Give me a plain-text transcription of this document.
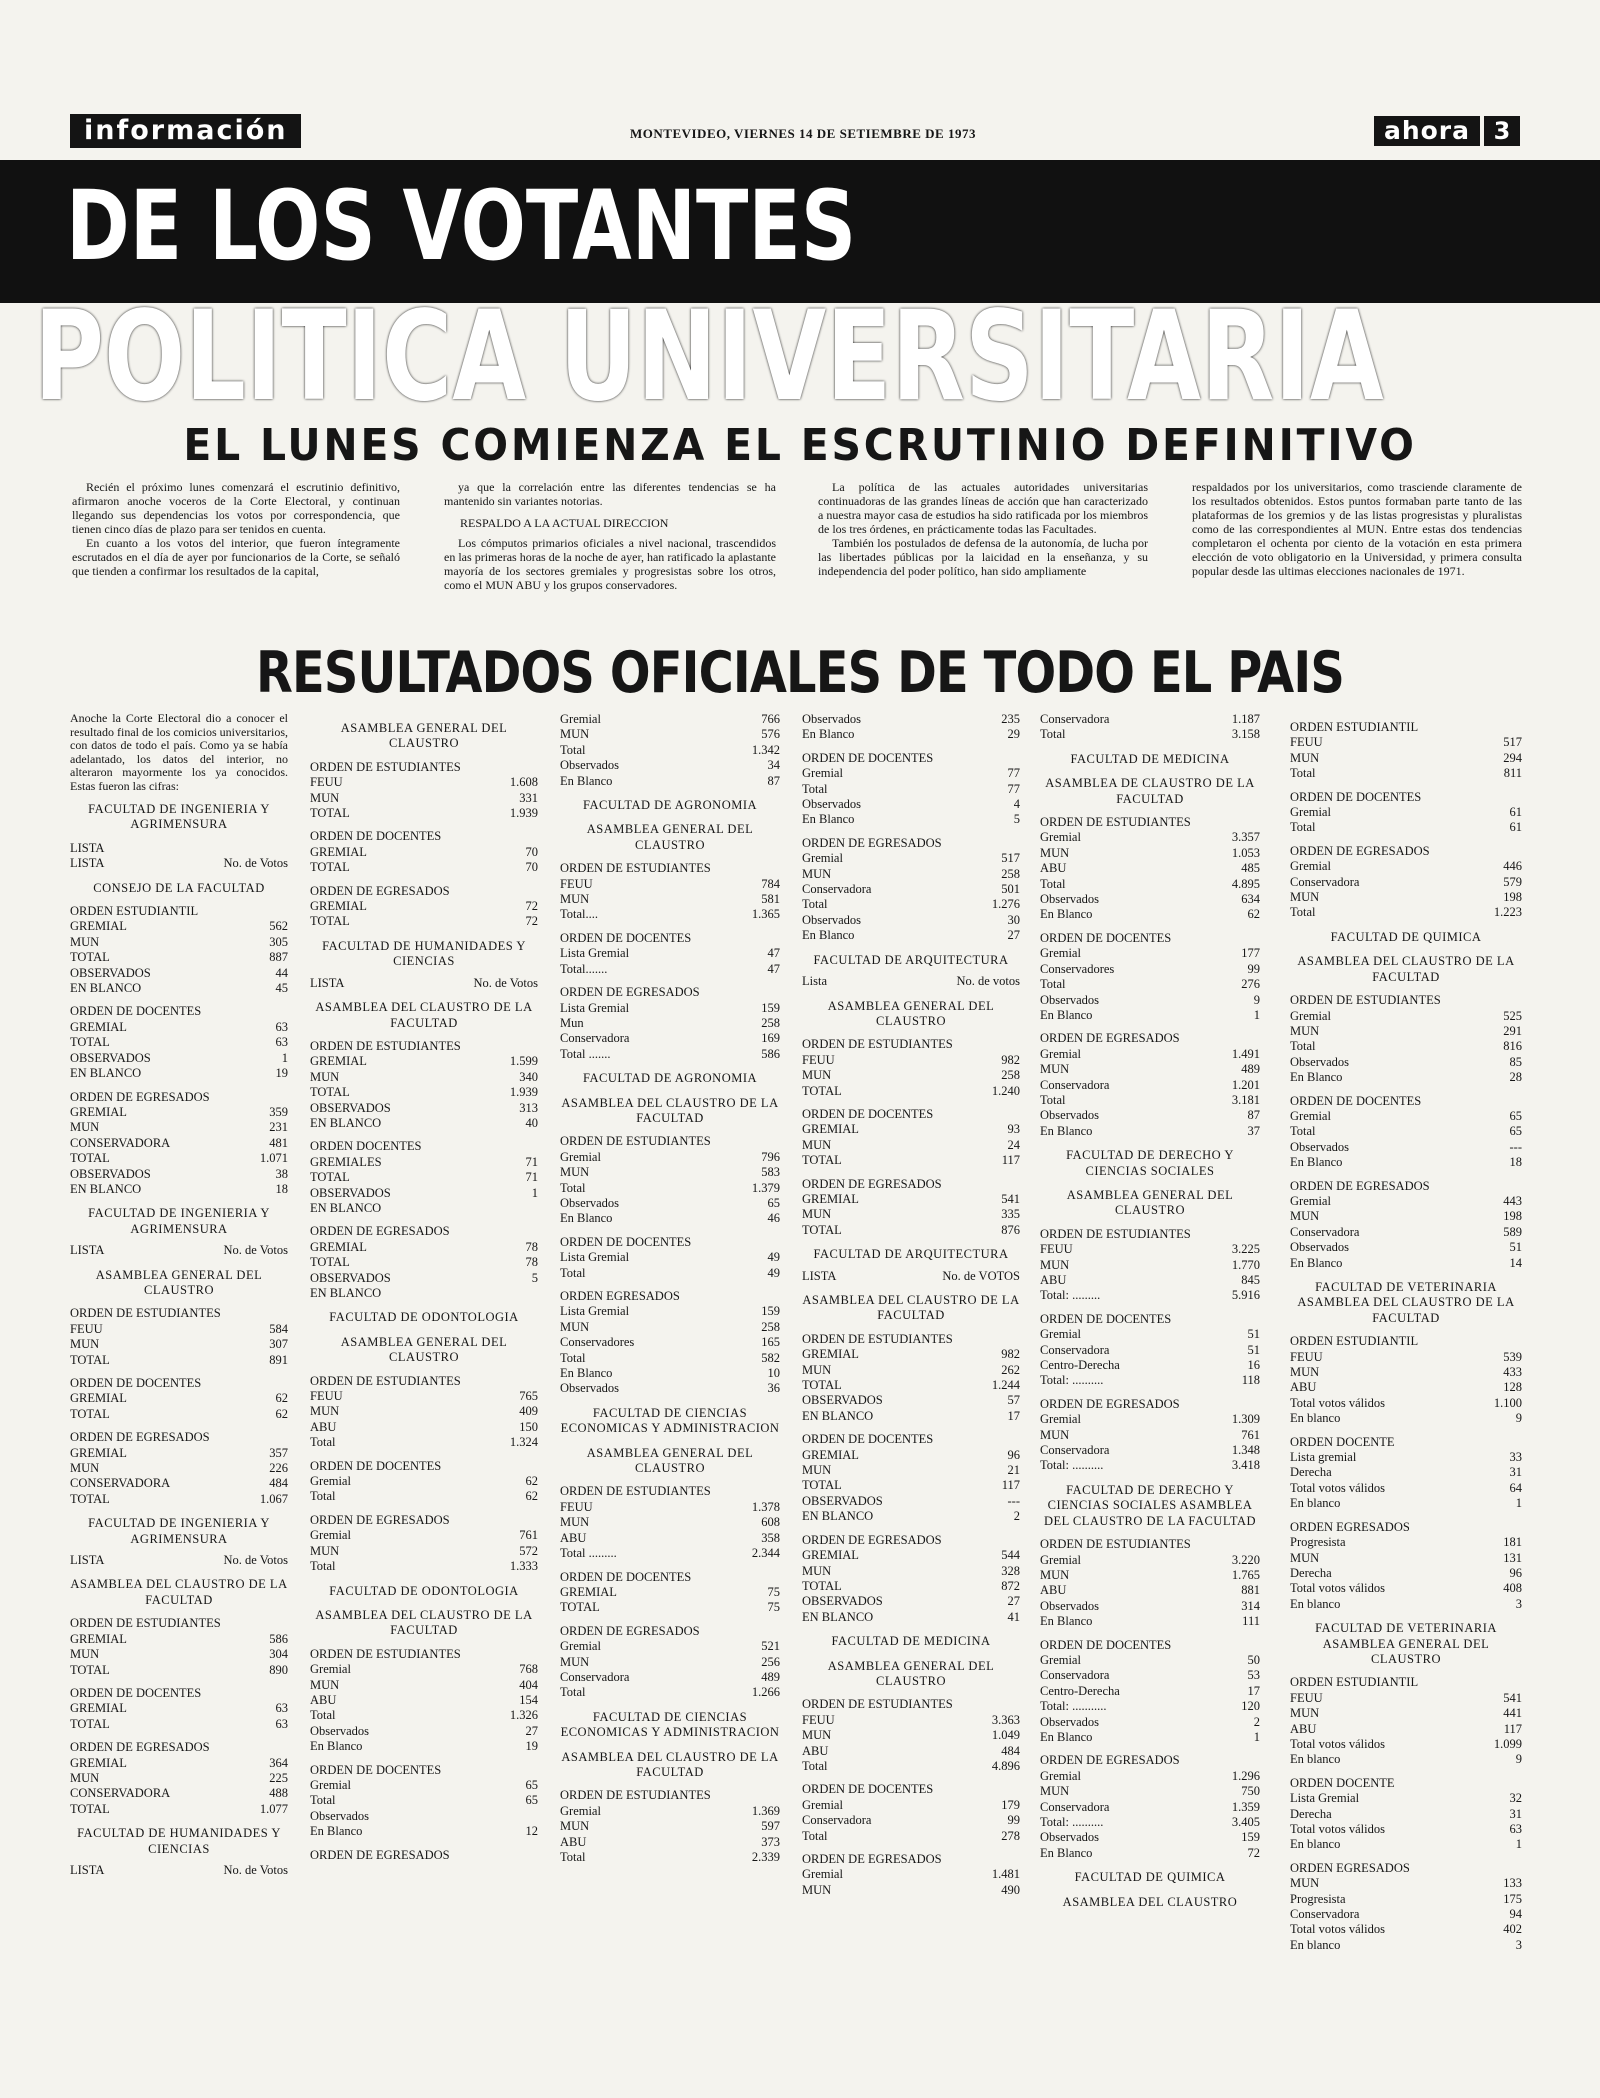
información	MONTEVIDEO, VIERNES 14 DE SETIEMBRE DE 1973	ahora 3
DE LOS VOTANTES
POLITICA UNIVERSITARIA
EL LUNES COMIENZA EL ESCRUTINIO DEFINITIVO

Recién el próximo lunes comenzará el escrutinio definitivo, afirmaron anoche voceros de la Corte Electoral, y continuan llegando sus dependencias los votos por correspondencia, que tienen cinco días de plazo para ser tenidos en cuenta.

En cuanto a los votos del interior, que fueron íntegramente escrutados en el día de ayer por funcionarios de la Corte, se señaló que tienden a confirmar los resultados de la capital,

ya que la correlación entre las diferentes tendencias se ha mantenido sin variantes notorias.

RESPALDO A LA ACTUAL DIRECCION

Los cómputos primarios oficiales a nivel nacional, trascendidos en las primeras horas de la noche de ayer, han ratificado la aplastante mayoría de los sectores gremiales y progresistas sobre los otros, como el MUN ABU y los grupos conservadores.

La política de las actuales autoridades universitarias continuadoras de las grandes líneas de acción que han caracterizado a nuestra mayor casa de estudios ha sido ratificada por los miembros de los tres órdenes, en prácticamente todas las Facultades.

También los postulados de defensa de la autonomía, de lucha por las libertades públicas por la laicidad en la enseñanza, y su independencia del poder político, han sido ampliamente

respaldados por los universitarios, como trasciende claramente de los resultados obtenidos. Estos puntos formaban parte tanto de las plataformas de los gremios y de las listas progresistas y pluralistas como de las correspondientes al MUN. Entre estas dos tendencias completaron el ochenta por ciento de la votación en esta primera elección de voto obligatorio en la Universidad, y primera consulta popular desde las ultimas elecciones nacionales de 1971.

RESULTADOS OFICIALES DE TODO EL PAIS
Anoche la Corte Electoral dio a conocer el resultado final de los comicios universitarios, con datos de todo el país. Como ya se había adelantado, los datos del interior, no alteraron mayormente los ya conocidos. Estas fueron las cifras:
FACULTAD DE INGENIERIA Y AGRIMENSURA
LISTA
LISTA	No. de Votos
CONSEJO DE LA FACULTAD
ORDEN ESTUDIANTIL
GREMIAL	562
MUN	305
TOTAL	887
OBSERVADOS	44
EN BLANCO	45
ORDEN DE DOCENTES
GREMIAL	63
TOTAL	63
OBSERVADOS	1
EN BLANCO	19
ORDEN DE EGRESADOS
GREMIAL	359
MUN	231
CONSERVADORA	481
TOTAL	1.071
OBSERVADOS	38
EN BLANCO	18
FACULTAD DE INGENIERIA Y AGRIMENSURA
LISTA	No. de Votos
ASAMBLEA GENERAL DEL CLAUSTRO
ORDEN DE ESTUDIANTES
FEUU	584
MUN	307
TOTAL	891
ORDEN DE DOCENTES
GREMIAL	62
TOTAL	62
ORDEN DE EGRESADOS
GREMIAL	357
MUN	226
CONSERVADORA	484
TOTAL	1.067
FACULTAD DE INGENIERIA Y AGRIMENSURA
LISTA	No. de Votos
ASAMBLEA DEL CLAUSTRO DE LA FACULTAD
ORDEN DE ESTUDIANTES
GREMIAL	586
MUN	304
TOTAL	890
ORDEN DE DOCENTES
GREMIAL	63
TOTAL	63
ORDEN DE EGRESADOS
GREMIAL	364
MUN	225
CONSERVADORA	488
TOTAL	1.077
FACULTAD DE HUMANIDADES Y CIENCIAS
LISTA	No. de Votos
ASAMBLEA GENERAL DEL CLAUSTRO
ORDEN DE ESTUDIANTES
FEUU	1.608
MUN	331
TOTAL	1.939
ORDEN DE DOCENTES
GREMIAL	70
TOTAL	70
ORDEN DE EGRESADOS
GREMIAL	72
TOTAL	72
FACULTAD DE HUMANIDADES Y CIENCIAS
LISTA	No. de Votos
ASAMBLEA DEL CLAUSTRO DE LA FACULTAD
ORDEN DE ESTUDIANTES
GREMIAL	1.599
MUN	340
TOTAL	1.939
OBSERVADOS	313
EN BLANCO	40
ORDEN DOCENTES
GREMIALES	71
TOTAL	71
OBSERVADOS	1
EN BLANCO
ORDEN DE EGRESADOS
GREMIAL	78
TOTAL	78
OBSERVADOS	5
EN BLANCO
FACULTAD DE ODONTOLOGIA
ASAMBLEA GENERAL DEL CLAUSTRO
ORDEN DE ESTUDIANTES
FEUU	765
MUN	409
ABU	150
Total	1.324
ORDEN DE DOCENTES
Gremial	62
Total	62
ORDEN DE EGRESADOS
Gremial	761
MUN	572
Total	1.333
FACULTAD DE ODONTOLOGIA
ASAMBLEA DEL CLAUSTRO DE LA FACULTAD
ORDEN DE ESTUDIANTES
Gremial	768
MUN	404
ABU	154
Total	1.326
Observados	27
En Blanco	19
ORDEN DE DOCENTES
Gremial	65
Total	65
Observados
En Blanco	12
ORDEN DE EGRESADOS
Gremial	766
MUN	576
Total	1.342
Observados	34
En Blanco	87
FACULTAD DE AGRONOMIA
ASAMBLEA GENERAL DEL CLAUSTRO
ORDEN DE ESTUDIANTES
FEUU	784
MUN	581
Total....	1.365
ORDEN DE DOCENTES
Lista Gremial	47
Total.......	47
ORDEN DE EGRESADOS
Lista Gremial	159
Mun	258
Conservadora	169
Total .......	586
FACULTAD DE AGRONOMIA
ASAMBLEA DEL CLAUSTRO DE LA FACULTAD
ORDEN DE ESTUDIANTES
Gremial	796
MUN	583
Total	1.379
Observados	65
En Blanco	46
ORDEN DE DOCENTES
Lista Gremial	49
Total	49
ORDEN EGRESADOS
Lista Gremial	159
MUN	258
Conservadores	165
Total	582
En Blanco	10
Observados	36
FACULTAD DE CIENCIAS ECONOMICAS Y ADMINISTRACION
ASAMBLEA GENERAL DEL CLAUSTRO
ORDEN DE ESTUDIANTES
FEUU	1.378
MUN	608
ABU	358
Total .........	2.344
ORDEN DE DOCENTES
GREMIAL	75
TOTAL	75
ORDEN DE EGRESADOS
Gremial	521
MUN	256
Conservadora	489
Total	1.266
FACULTAD DE CIENCIAS ECONOMICAS Y ADMINISTRACION
ASAMBLEA DEL CLAUSTRO DE LA FACULTAD
ORDEN DE ESTUDIANTES
Gremial	1.369
MUN	597
ABU	373
Total	2.339
Observados	235
En Blanco	29
ORDEN DE DOCENTES
Gremial	77
Total	77
Observados	4
En Blanco	5
ORDEN DE EGRESADOS
Gremial	517
MUN	258
Conservadora	501
Total	1.276
Observados	30
En Blanco	27
FACULTAD DE ARQUITECTURA
Lista	No. de votos
ASAMBLEA GENERAL DEL CLAUSTRO
ORDEN DE ESTUDIANTES
FEUU	982
MUN	258
TOTAL	1.240
ORDEN DE DOCENTES
GREMIAL	93
MUN	24
TOTAL	117
ORDEN DE EGRESADOS
GREMIAL	541
MUN	335
TOTAL	876
FACULTAD DE ARQUITECTURA
LISTA	No. de VOTOS
ASAMBLEA DEL CLAUSTRO DE LA FACULTAD
ORDEN DE ESTUDIANTES
GREMIAL	982
MUN	262
TOTAL	1.244
OBSERVADOS	57
EN BLANCO	17
ORDEN DE DOCENTES
GREMIAL	96
MUN	21
TOTAL	117
OBSERVADOS	---
EN BLANCO	2
ORDEN DE EGRESADOS
GREMIAL	544
MUN	328
TOTAL	872
OBSERVADOS	27
EN BLANCO	41
FACULTAD DE MEDICINA
ASAMBLEA GENERAL DEL CLAUSTRO
ORDEN DE ESTUDIANTES
FEUU	3.363
MUN	1.049
ABU	484
Total	4.896
ORDEN DE DOCENTES
Gremial	179
Conservadora	99
Total	278
ORDEN DE EGRESADOS
Gremial	1.481
MUN	490
Conservadora	1.187
Total	3.158
FACULTAD DE MEDICINA
ASAMBLEA DE CLAUSTRO DE LA FACULTAD
ORDEN DE ESTUDIANTES
Gremial	3.357
MUN	1.053
ABU	485
Total	4.895
Observados	634
En Blanco	62
ORDEN DE DOCENTES
Gremial	177
Conservadores	99
Total	276
Observados	9
En Blanco	1
ORDEN DE EGRESADOS
Gremial	1.491
MUN	489
Conservadora	1.201
Total	3.181
Observados	87
En Blanco	37
FACULTAD DE DERECHO Y CIENCIAS SOCIALES
ASAMBLEA GENERAL DEL CLAUSTRO
ORDEN DE ESTUDIANTES
FEUU	3.225
MUN	1.770
ABU	845
Total: .........	5.916
ORDEN DE DOCENTES
Gremial	51
Conservadora	51
Centro-Derecha	16
Total: ..........	118
ORDEN DE EGRESADOS
Gremial	1.309
MUN	761
Conservadora	1.348
Total: ..........	3.418
FACULTAD DE DERECHO Y CIENCIAS SOCIALES ASAMBLEA DEL CLAUSTRO DE LA FACULTAD
ORDEN DE ESTUDIANTES
Gremial	3.220
MUN	1.765
ABU	881
Observados	314
En Blanco	111
ORDEN DE DOCENTES
Gremial	50
Conservadora	53
Centro-Derecha	17
Total: ...........	120
Observados	2
En Blanco	1
ORDEN DE EGRESADOS
Gremial	1.296
MUN	750
Conservadora	1.359
Total: ..........	3.405
Observados	159
En Blanco	72
FACULTAD DE QUIMICA
ASAMBLEA DEL CLAUSTRO
ORDEN ESTUDIANTIL
FEUU	517
MUN	294
Total	811
ORDEN DE DOCENTES
Gremial	61
Total	61
ORDEN DE EGRESADOS
Gremial	446
Conservadora	579
MUN	198
Total	1.223
FACULTAD DE QUIMICA
ASAMBLEA DEL CLAUSTRO DE LA FACULTAD
ORDEN DE ESTUDIANTES
Gremial	525
MUN	291
Total	816
Observados	85
En Blanco	28
ORDEN DE DOCENTES
Gremial	65
Total	65
Observados	---
En Blanco	18
ORDEN DE EGRESADOS
Gremial	443
MUN	198
Conservadora	589
Observados	51
En Blanco	14
FACULTAD DE VETERINARIA ASAMBLEA DEL CLAUSTRO DE LA FACULTAD
ORDEN ESTUDIANTIL
FEUU	539
MUN	433
ABU	128
Total votos válidos	1.100
En blanco	9
ORDEN DOCENTE
Lista gremial	33
Derecha	31
Total votos válidos	64
En blanco	1
ORDEN EGRESADOS
Progresista	181
MUN	131
Derecha	96
Total votos válidos	408
En blanco	3
FACULTAD DE VETERINARIA ASAMBLEA GENERAL DEL CLAUSTRO
ORDEN ESTUDIANTIL
FEUU	541
MUN	441
ABU	117
Total votos válidos	1.099
En blanco	9
ORDEN DOCENTE
Lista Gremial	32
Derecha	31
Total votos válidos	63
En blanco	1
ORDEN EGRESADOS
MUN	133
Progresista	175
Conservadora	94
Total votos válidos	402
En blanco	3
